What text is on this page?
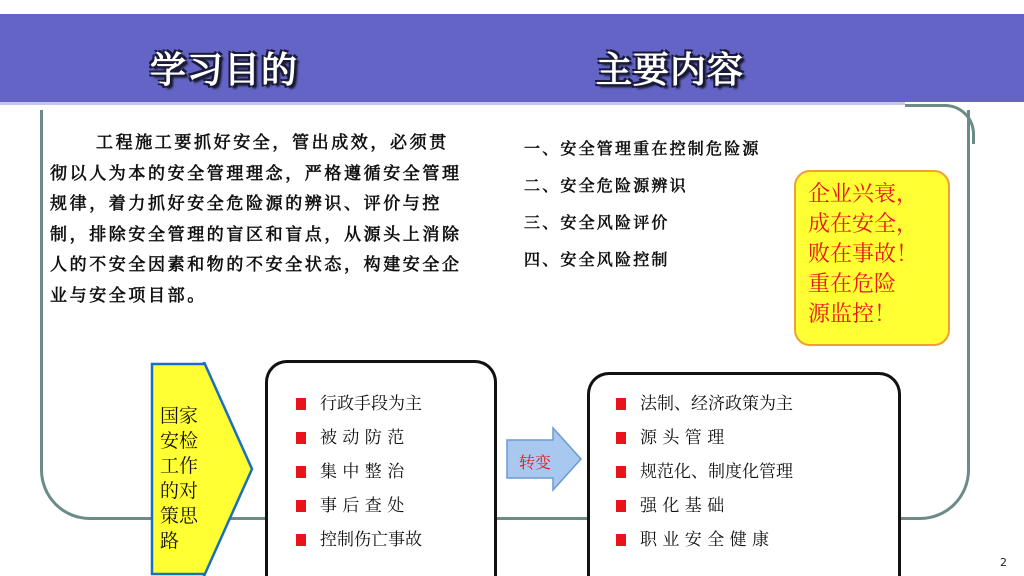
学习目的	主要内容

工程施工要抓好安全，管出成效，必须贯彻以人为本的安全管理理念，严格遵循安全管理规律，着力抓好安全危险源的辨识、评价与控制，排除安全管理的盲区和盲点，从源头上消除人的不安全因素和物的不安全状态，构建安全企业与安全项目部。

一、安全管理重在控制危险源
二、安全危险源辨识
三、安全风险评价
四、安全风险控制
企业兴衰，
成在安全，
败在事故！
重在危险
源监控！
国家安检工作的对策思路
行政手段为主
被 动 防 范
集 中 整 治
事 后 查 处
控制伤亡事故
转变
法制、经济政策为主
源 头 管 理
规范化、制度化管理
强 化 基 础
职 业 安 全 健 康
2
